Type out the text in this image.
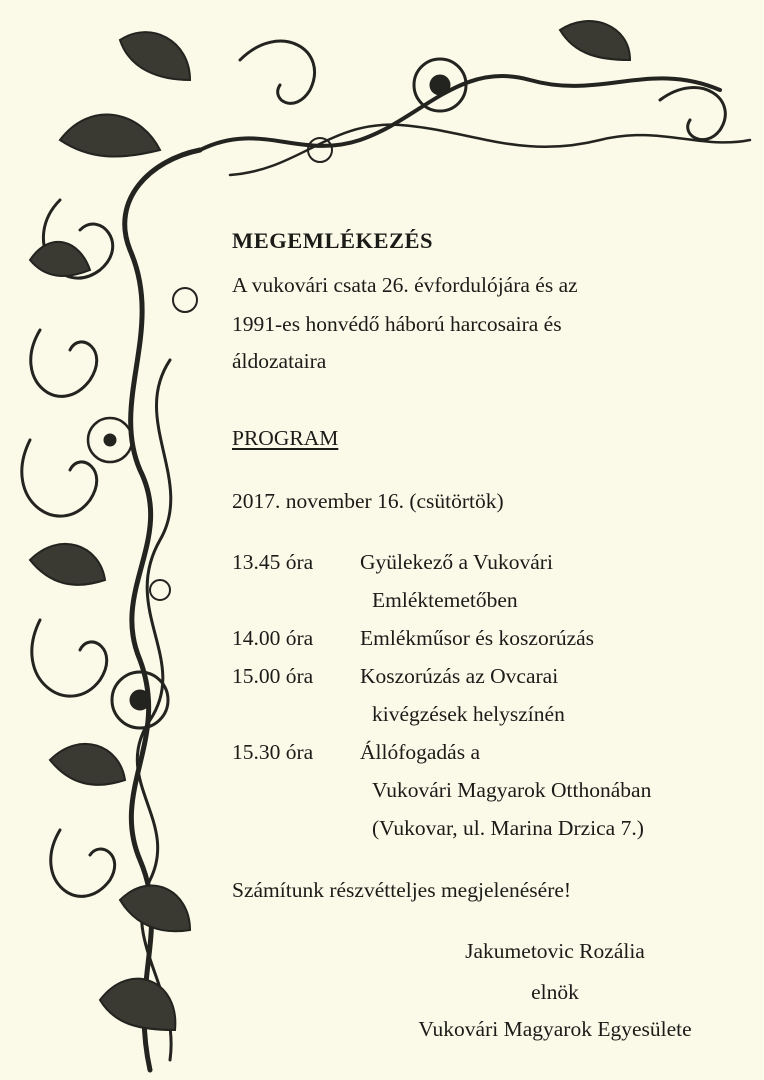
MEGEMLÉKEZÉS
A vukovári csata 26. évfordulójára és az
1991-es honvédő háború harcosaira és
áldozataira
PROGRAM
2017. november 16. (csütörtök)
13.45 óra Gyülekező a Vukovári
Emléktemetőben
14.00 óra Emlékműsor és koszorúzás
15.00 óra Koszorúzás az Ovcarai
kivégzések helyszínén
15.30 óra Állófogadás a
Vukovári Magyarok Otthonában
(Vukovar, ul. Marina Drzica 7.)
Számítunk részvétteljes megjelenésére!
Jakumetovic Rozália
elnök
Vukovári Magyarok Egyesülete
